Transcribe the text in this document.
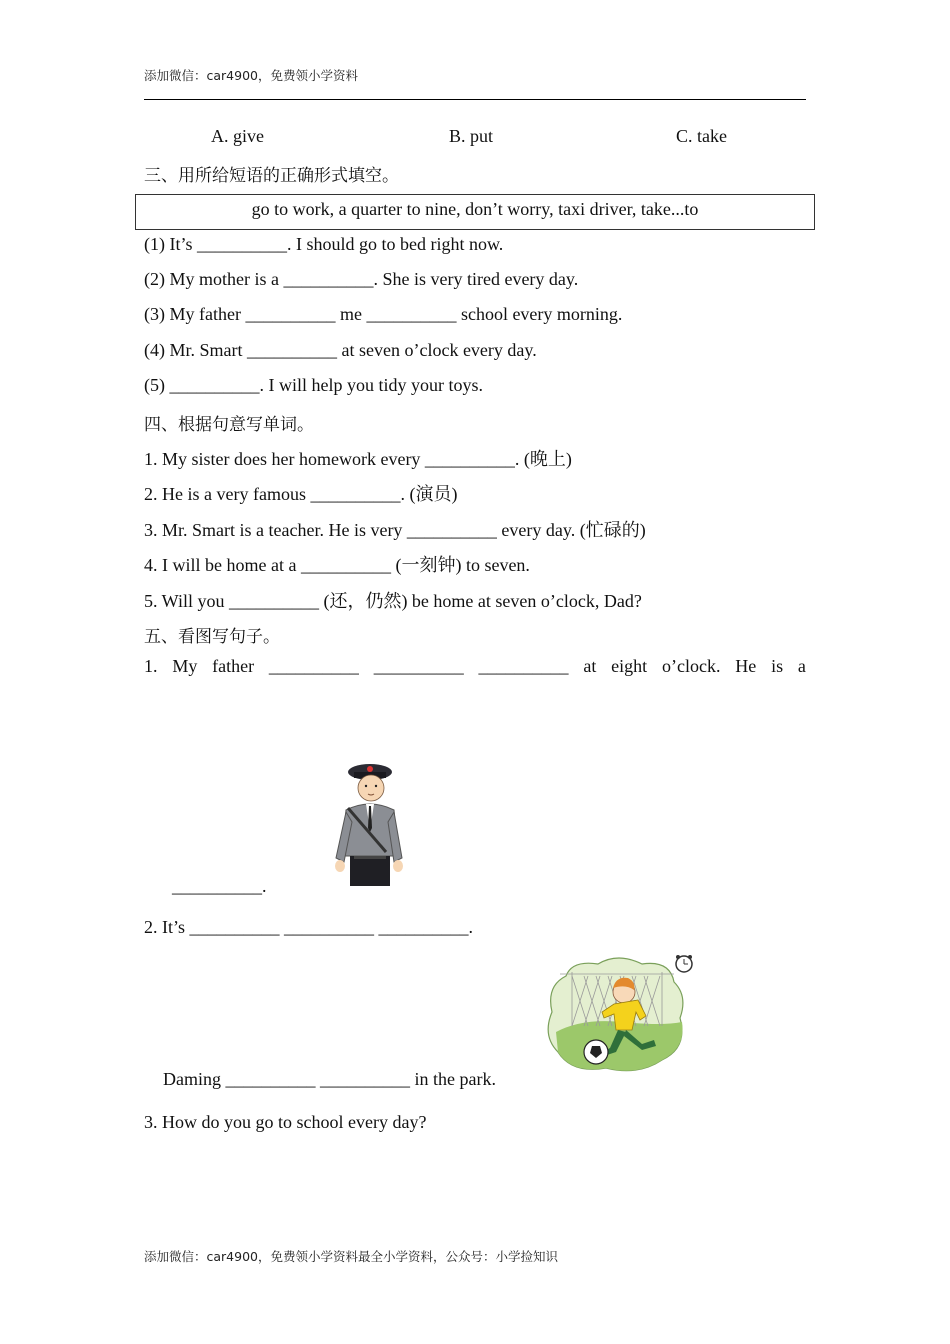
添加微信：car4900，免费领小学资料
A. give	B. put	C. take
三、用所给短语的正确形式填空。
go to work, a quarter to nine, don’t worry, taxi driver, take...to
(1) It’s __________. I should go to bed right now.
(2) My mother is a __________. She is very tired every day.
(3) My father __________ me __________ school every morning.
(4) Mr. Smart __________ at seven o’clock every day.
(5) __________. I will help you tidy your toys.
四、根据句意写单词。
1. My sister does her homework every __________. (晚上)
2. He is a very famous __________. (演员)
3. Mr. Smart is a teacher. He is very __________ every day. (忙碌的)
4. I will be home at a __________ (一刻钟) to seven.
5. Will you __________ (还，仍然) be home at seven o’clock, Dad?
五、看图写句子。
1. My father __________ __________ __________ at eight o’clock. He is a
__________.
2. It’s __________ __________ __________.
Daming __________ __________ in the park.
3. How do you go to school every day?
添加微信：car4900，免费领小学资料最全小学资料，公众号：小学捡知识
